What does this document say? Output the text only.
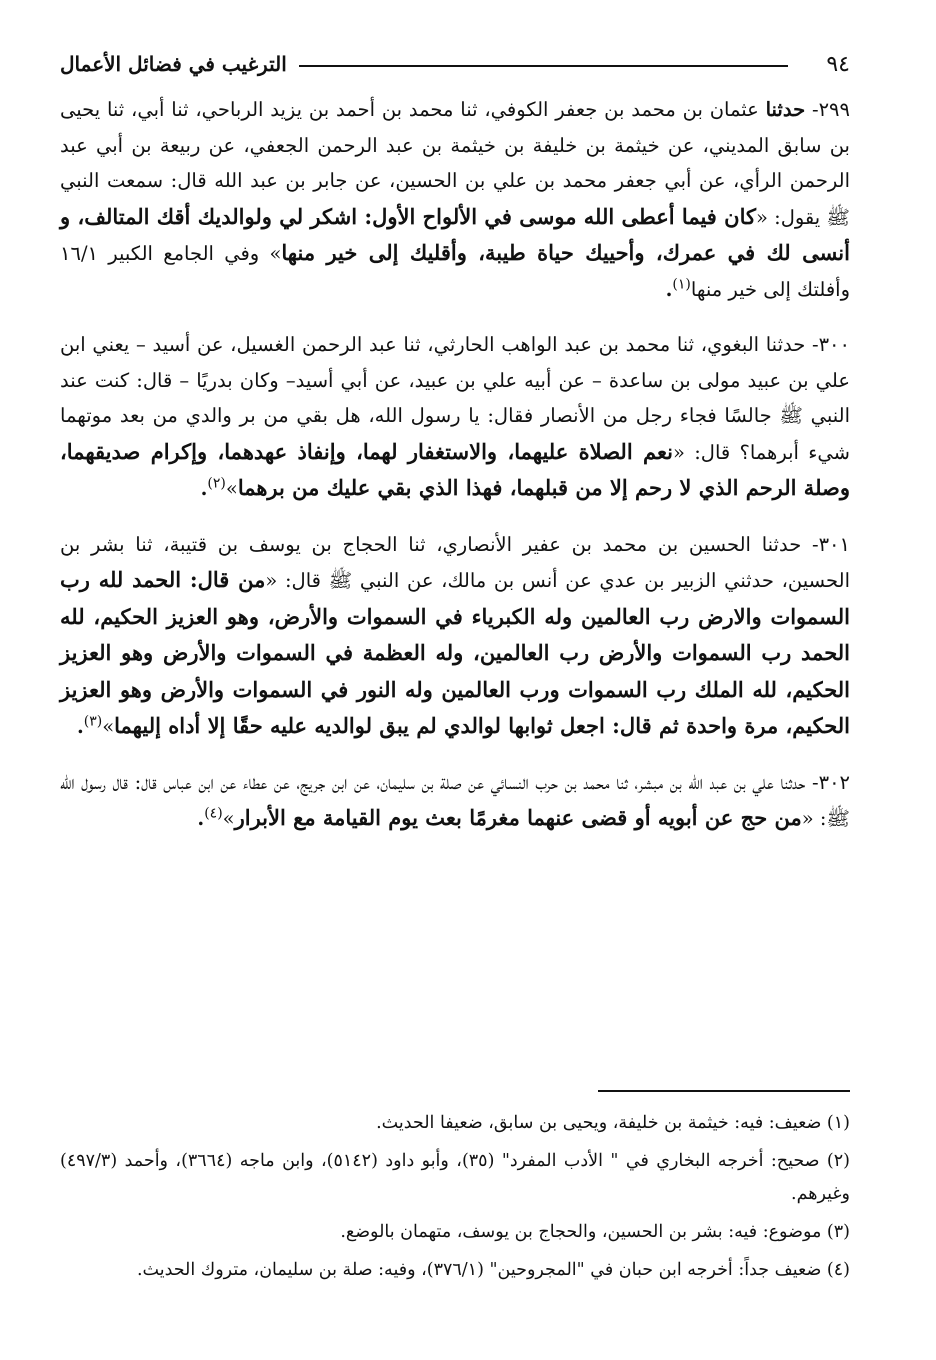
٩٤
الترغيب في فضائل الأعمال

٢٩٩- حدثنا عثمان بن محمد بن جعفر الكوفي، ثنا محمد بن أحمد بن يزيد الرباحي، ثنا أبي، ثنا يحيى بن سابق المديني، عن خيثمة بن خليفة بن خيثمة بن عبد الرحمن الجعفي، عن ربيعة بن أبي عبد الرحمن الرأي، عن أبي جعفر محمد بن علي بن الحسين، عن جابر بن عبد الله قال: سمعت النبي ﷺ يقول: «كان فيما أعطى الله موسى في الألواح الأول: اشكر لي ولوالديك أقك المتالف، و أنسى لك في عمرك، وأحييك حياة طيبة، وأقليك إلى خير منها» وفي الجامع الكبير ١٦/١ وأفلتك إلى خير منها$^{(١)}$.

٣٠٠- حدثنا البغوي، ثنا محمد بن عبد الواهب الحارثي، ثنا عبد الرحمن الغسيل، عن أسيد – يعني ابن علي بن عبيد مولى بن ساعدة – عن أبيه علي بن عبيد، عن أبي أسيد– وكان بدريًا – قال: كنت عند النبي ﷺ جالسًا فجاء رجل من الأنصار فقال: يا رسول الله، هل بقي من بر والدي من بعد موتهما شيء أبرهما؟ قال: «نعم الصلاة عليهما، والاستغفار لهما، وإنفاذ عهدهما، وإكرام صديقهما، وصلة الرحم الذي لا رحم إلا من قبلهما، فهذا الذي بقي عليك من برهما»$^{(٢)}$.

٣٠١- حدثنا الحسين بن محمد بن عفير الأنصاري، ثنا الحجاج بن يوسف بن قتيبة، ثنا بشر بن الحسين، حدثني الزبير بن عدي عن أنس بن مالك، عن النبي ﷺ قال: «من قال: الحمد لله رب السموات والارض رب العالمين وله الكبرياء في السموات والأرض، وهو العزيز الحكيم، لله الحمد رب السموات والأرض رب العالمين، وله العظمة في السموات والأرض وهو العزيز الحكيم، لله الملك رب السموات ورب العالمين وله النور في السموات والأرض وهو العزيز الحكيم، مرة واحدة ثم قال: اجعل ثوابها لوالدي لم يبق لوالديه عليه حقًا إلا أداه إليهما»$^{(٣)}$.

٣٠٢- حدثنا علي بن عبد الله بن مبشر، ثنا محمد بن حرب النسائي عن صلة بن سليمان، عن ابن جريج، عن عطاء عن ابن عباس قال: قال رسول الله ﷺ: «من حج عن أبويه أو قضى عنهما مغرمًا بعث يوم القيامة مع الأبرار»$^{(٤)}$.

(١) ضعيف: فيه: خيثمة بن خليفة، ويحيى بن سابق، ضعيفا الحديث.

(٢) صحيح: أخرجه البخاري في " الأدب المفرد" (٣٥)، وأبو داود (٥١٤٢)، وابن ماجه (٣٦٦٤)، وأحمد (٤٩٧/٣) وغيرهم.

(٣) موضوع: فيه: بشر بن الحسين، والحجاج بن يوسف، متهمان بالوضع.

(٤) ضعيف جداً: أخرجه ابن حبان في "المجروحين" (٣٧٦/١)، وفيه: صلة بن سليمان، متروك الحديث.
